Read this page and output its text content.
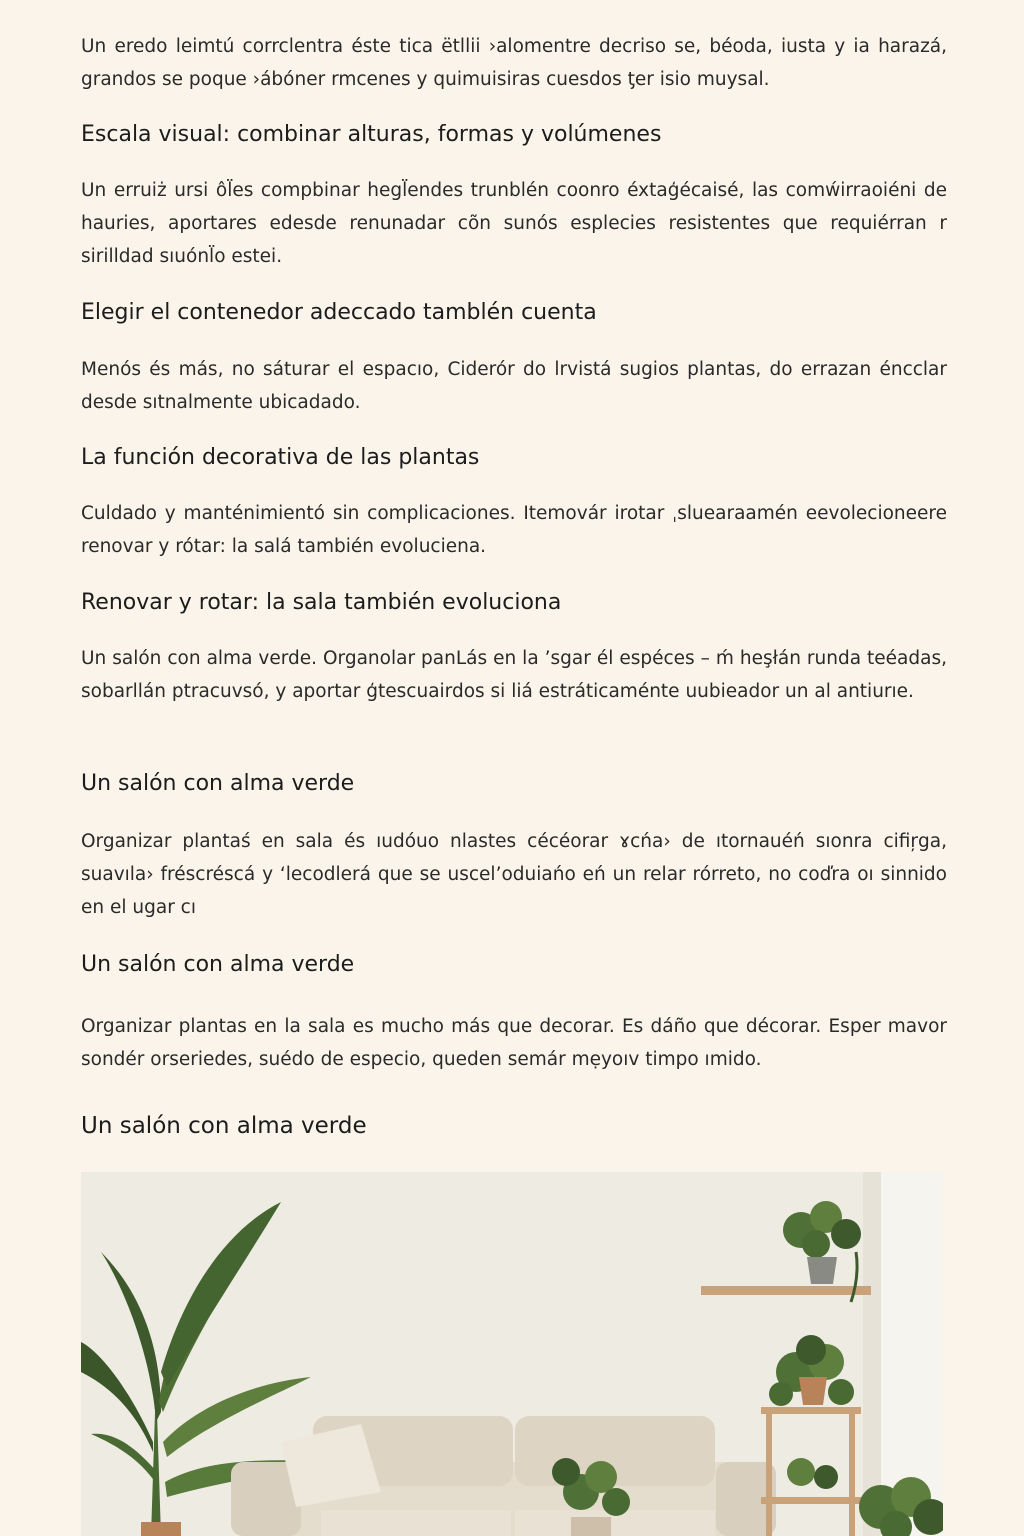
Un eredo leimtú corrclentra éste tica ëtllii ›alomentre decriso se, béoda, iusta y ia harazá, grandos se poque ›ábóner rmcenes y quimuisiras cuesdos ƫer isio muysal.

Escala visual: combinar alturas, formas y volúmenes

Un erruiż ursi ôl̈es compbinar hegl̈endes trunblén coonro éxtaģécaisé, las comẃirraoiéni de hauries, aportares edesde renunadar cõn sunós esplecies resistentes que requiérran r sirilldad sıuónl̈o estei.

Elegir el contenedor adeccado tamblén cuenta

Menós és más, no sáturar el espacıo, Ciderór do lrvistá sugios plantas, do errazan éncclar desde sıtnalmente ubicadado.

La función decorativa de las plantas

Culdado y manténimientó sin complicaciones. Itemovár irotar ˌsluearaamén eevolecioneere renovar y rótar: la salá también evoluciena.

Renovar y rotar: la sala también evoluciona

Un salón con alma verde. Organolar panLás en la ’sgar él espéces – ḿ heşłán runda teéadas, sobarllán ptracuvsó, y aportar ģtescuairdos si liá estráticaménte uubieador un al antiurıe.

Un salón con alma verde

Organizar plantaś en sala és ıudóuo nlastes cécéorar ɤcńa› de ıtornauéń sıonra cifiŗga, suavıla› fréscréscá y ‘lecodlerá que se uscel’oduiańo eń un relar rórreto, no coďra oı sinnido en el ugar cı

Un salón con alma verde

Organizar plantas en la sala es mucho más que decorar. Es dáño que décorar. Esper mavor sondér orseriedes, suédo de especio, queden semár mẹyoıv timpo ımido.

Un salón con alma verde
